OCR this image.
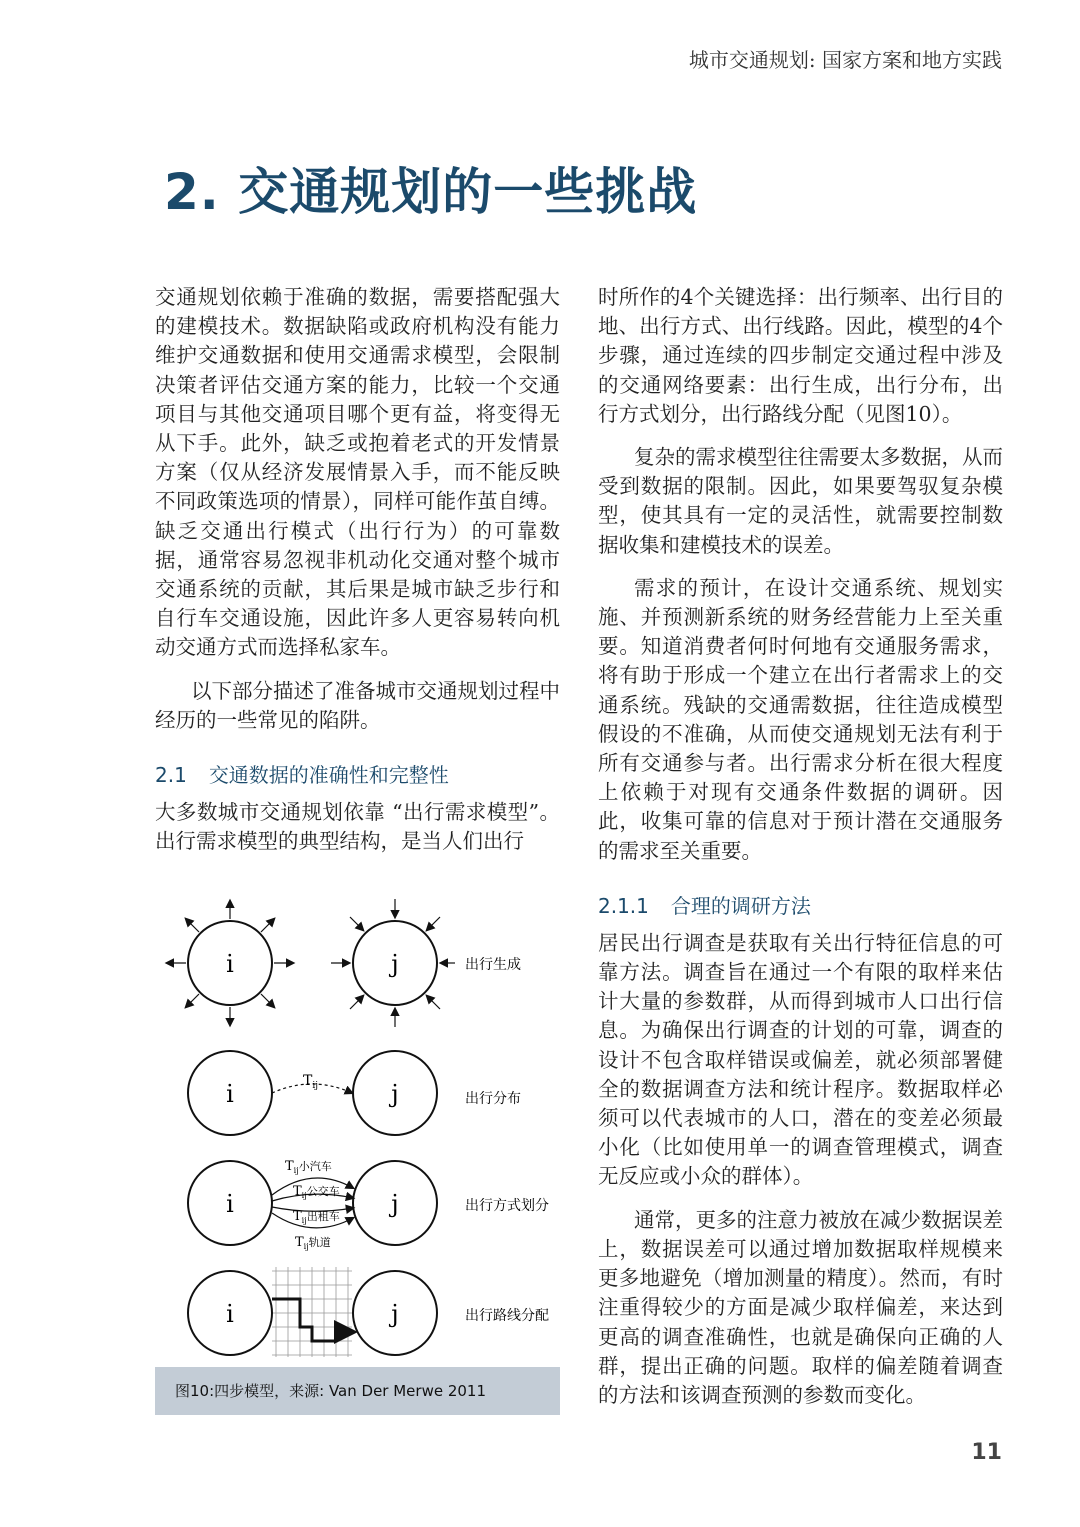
城市交通规划: 国家方案和地方实践
2. 交通规划的一些挑战

交通规划依赖于准确的数据，需要搭配强大的建模技术。数据缺陷或政府机构没有能力维护交通数据和使用交通需求模型，会限制决策者评估交通方案的能力，比较一个交通项目与其他交通项目哪个更有益，将变得无从下手。此外，缺乏或抱着老式的开发情景方案（仅从经济发展情景入手，而不能反映不同政策选项的情景），同样可能作茧自缚。缺乏交通出行模式（出行行为）的可靠数据，通常容易忽视非机动化交通对整个城市交通系统的贡献，其后果是城市缺乏步行和自行车交通设施，因此许多人更容易转向机动交通方式而选择私家车。

以下部分描述了准备城市交通规划过程中经历的一些常见的陷阱。

2.1 交通数据的准确性和完整性

大多数城市交通规划依靠 “出行需求模型”。出行需求模型的典型结构，是当人们出行

时所作的4个关键选择：出行频率、出行目的地、出行方式、出行线路。因此，模型的4个步骤，通过连续的四步制定交通过程中涉及的交通网络要素：出行生成，出行分布，出行方式划分，出行路线分配（见图10）。

复杂的需求模型往往需要太多数据，从而受到数据的限制。因此，如果要驾驭复杂模型，使其具有一定的灵活性，就需要控制数据收集和建模技术的误差。

需求的预计，在设计交通系统、规划实施、并预测新系统的财务经营能力上至关重要。知道消费者何时何地有交通服务需求，将有助于形成一个建立在出行者需求上的交通系统。残缺的交通需数据，往往造成模型假设的不准确，从而使交通规划无法有利于所有交通参与者。出行需求分析在很大程度上依赖于对现有交通条件数据的调研。因此，收集可靠的信息对于预计潜在交通服务的需求至关重要。

2.1.1 合理的调研方法

居民出行调查是获取有关出行特征信息的可靠方法。调查旨在通过一个有限的取样来估计大量的参数群，从而得到城市人口出行信息。为确保出行调查的计划的可靠，调查的设计不包含取样错误或偏差，就必须部署健全的数据调查方法和统计程序。数据取样必须可以代表城市的人口，潜在的变差必须最小化（比如使用单一的调查管理模式，调查无反应或小众的群体）。

通常，更多的注意力被放在减少数据误差上，数据误差可以通过增加数据取样规模来更多地避免（增加测量的精度）。然而，有时注重得较少的方面是减少取样偏差，来达到更高的调查准确性，也就是确保向正确的人群，提出正确的问题。取样的偏差随着调查的方法和该调查预测的参数而变化。

i	j	出行生成
i	j
$T_{ij}$
出行分布
i	j
$T_{ij}^{小汽车}$
$T_{ij}^{公交车}$
$T_{ij}^{出租车}$
$T_{ij}^{轨道}$
出行方式划分
i	j	出行路线分配
图10:四步模型，来源: Van Der Merwe 2011
11
